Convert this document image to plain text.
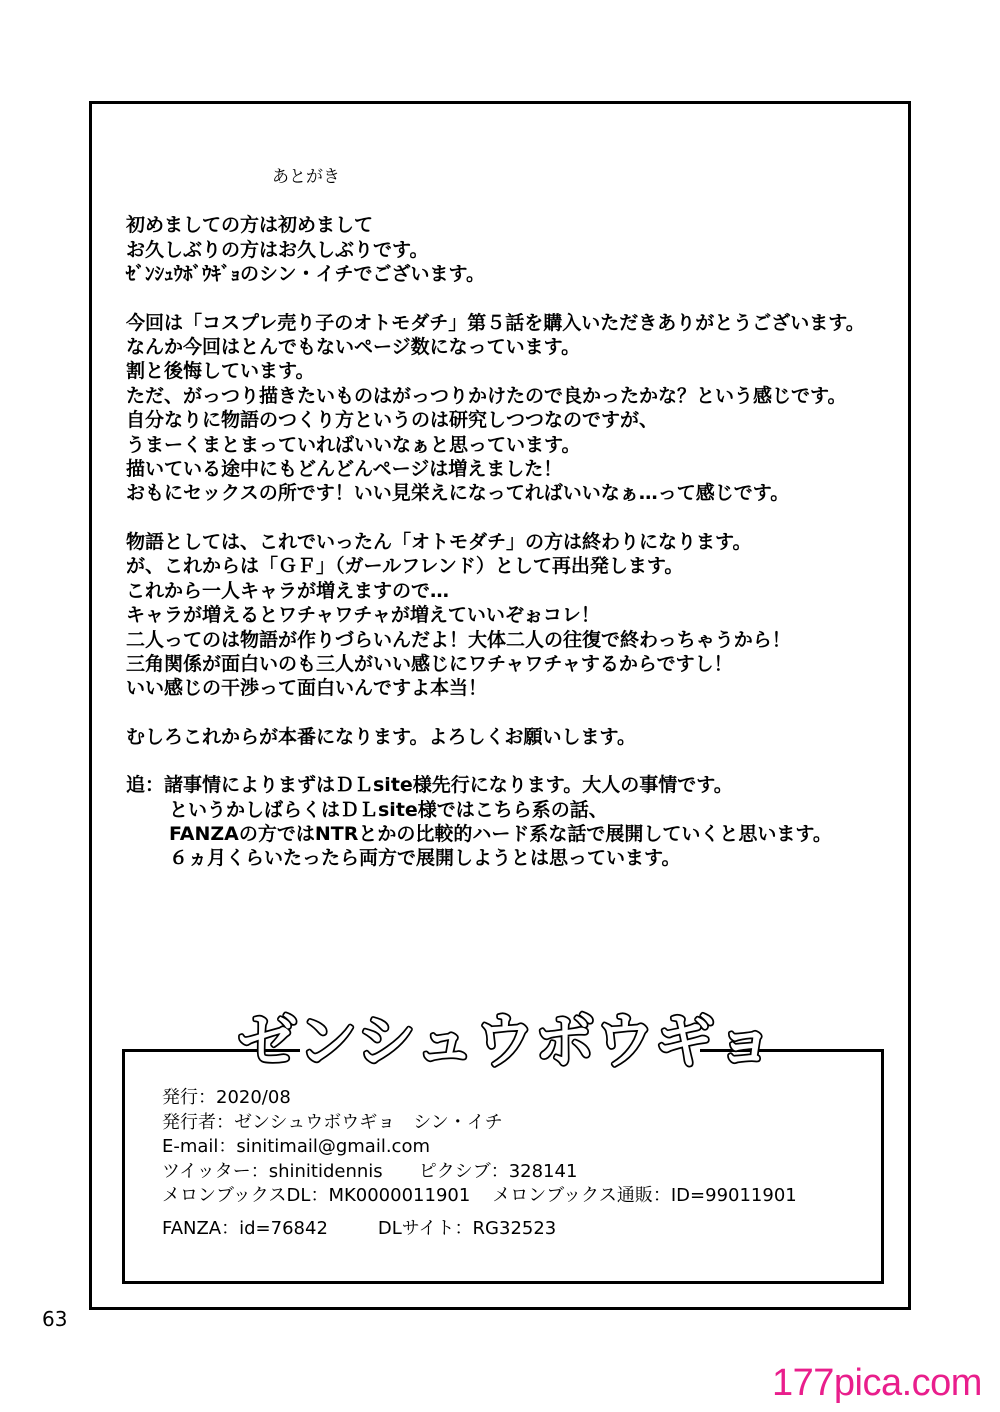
あとがき

初めましての方は初めまして
お久しぶりの方はお久しぶりです。
ｾﾞﾝｼｭｳﾎﾞｳｷﾞｮのシン・イチでございます。

今回は「コスプレ売り子のオトモダチ」第５話を購入いただきありがとうございます。
なんか今回はとんでもないページ数になっています。
割と後悔しています。
ただ、がっつり描きたいものはがっつりかけたので良かったかな？という感じです。
自分なりに物語のつくり方というのは研究しつつなのですが、
うまーくまとまっていればいいなぁと思っています。
描いている途中にもどんどんページは増えました！
おもにセックスの所です！いい見栄えになってればいいなぁ…って感じです。

物語としては、これでいったん「オトモダチ」の方は終わりになります。
が、これからは「ＧＦ」（ガールフレンド）として再出発します。
これから一人キャラが増えますので…
キャラが増えるとワチャワチャが増えていいぞぉコレ！
二人ってのは物語が作りづらいんだよ！大体二人の往復で終わっちゃうから！
三角関係が面白いのも三人がいい感じにワチャワチャするからですし！
いい感じの干渉って面白いんですよ本当！

むしろこれからが本番になります。よろしくお願いします。

追：諸事情によりまずはＤＬsite様先行になります。大人の事情です。
というかしばらくはＤＬsite様ではこちら系の話、
FANZAの方ではNTRとかの比較的ハード系な話で展開していくと思います。
６ヵ月くらいたったら両方で展開しようとは思っています。
ゼンシュウボウギョ
発行：2020/08
発行者：ゼンシュウボウギョ　シン・イチ
E-mail：sinitimail@gmail.com
ツイッター：shinitidennis ピクシブ：328141
メロンブックスDL：MK0000011901 メロンブックス通販：ID=99011901
FANZA：id=76842	DLサイト：RG32523
63
177pica.com
